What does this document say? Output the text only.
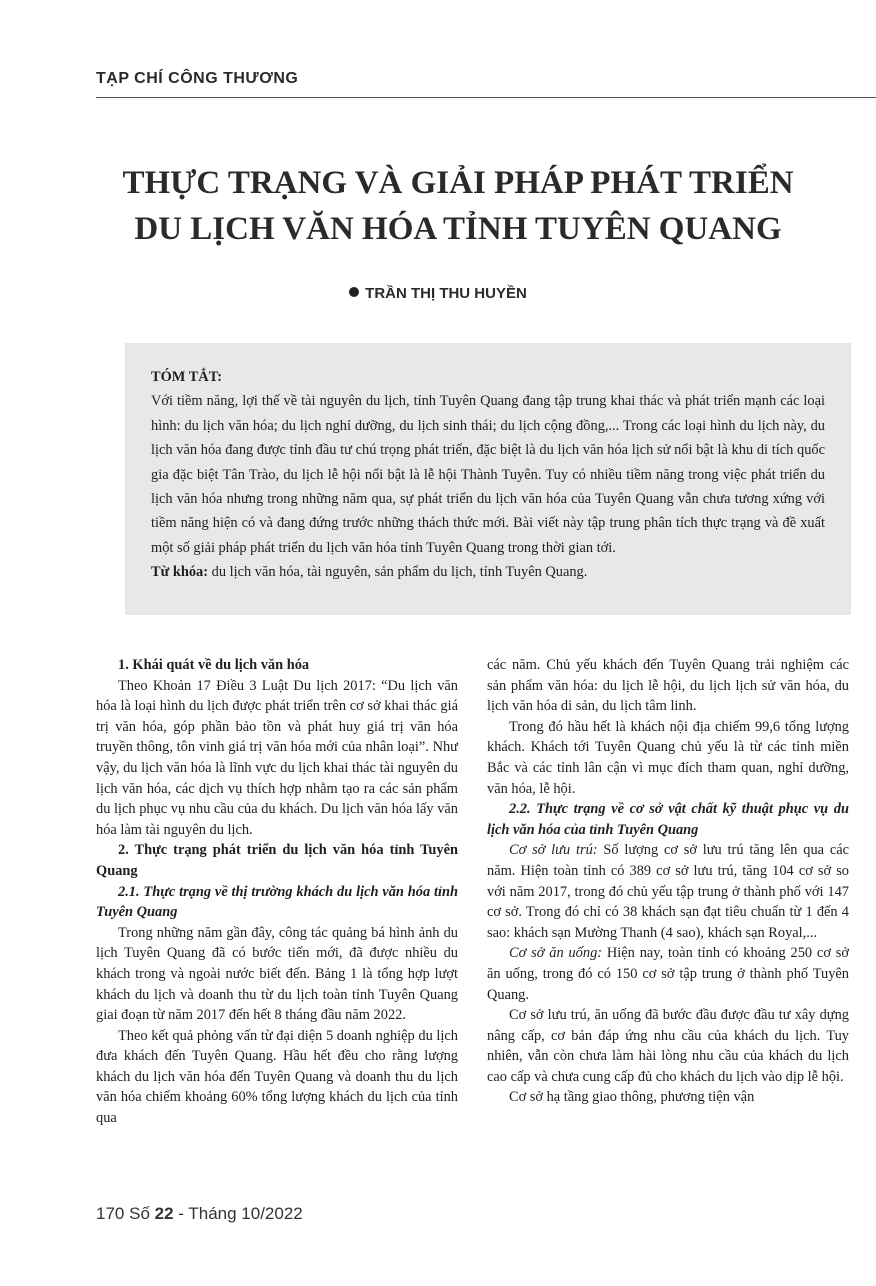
TẠP CHÍ CÔNG THƯƠNG
THỰC TRẠNG VÀ GIẢI PHÁP PHÁT TRIỂN
DU LỊCH VĂN HÓA TỈNH TUYÊN QUANG
TRẦN THỊ THU HUYỀN
TÓM TẮT:

Với tiềm năng, lợi thế về tài nguyên du lịch, tỉnh Tuyên Quang đang tập trung khai thác và phát triển mạnh các loại hình: du lịch văn hóa; du lịch nghỉ dưỡng, du lịch sinh thái; du lịch cộng đồng,... Trong các loại hình du lịch này, du lịch văn hóa đang được tỉnh đầu tư chú trọng phát triển, đặc biệt là du lịch văn hóa lịch sử nổi bật là khu di tích quốc gia đặc biệt Tân Trào, du lịch lễ hội nổi bật là lễ hội Thành Tuyên. Tuy có nhiều tiềm năng trong việc phát triển du lịch văn hóa nhưng trong những năm qua, sự phát triển du lịch văn hóa của Tuyên Quang vẫn chưa tương xứng với tiềm năng hiện có và đang đứng trước những thách thức mới. Bài viết này tập trung phân tích thực trạng và đề xuất một số giải pháp phát triển du lịch văn hóa tỉnh Tuyên Quang trong thời gian tới.

Từ khóa: du lịch văn hóa, tài nguyên, sản phẩm du lịch, tỉnh Tuyên Quang.

1. Khái quát về du lịch văn hóa

Theo Khoản 17 Điều 3 Luật Du lịch 2017: “Du lịch văn hóa là loại hình du lịch được phát triển trên cơ sở khai thác giá trị văn hóa, góp phần bảo tồn và phát huy giá trị văn hóa truyền thông, tôn vinh giá trị văn hóa mới của nhân loại”. Như vậy, du lịch văn hóa là lĩnh vực du lịch khai thác tài nguyên du lịch văn hóa, các dịch vụ thích hợp nhằm tạo ra các sản phẩm du lịch phục vụ nhu cầu của du khách. Du lịch văn hóa lấy văn hóa làm tài nguyên du lịch.

2. Thực trạng phát triển du lịch văn hóa tỉnh Tuyên Quang
2.1. Thực trạng về thị trường khách du lịch văn hóa tỉnh Tuyên Quang

Trong những năm gần đây, công tác quảng bá hình ảnh du lịch Tuyên Quang đã có bước tiến mới, đã được nhiều du khách trong và ngoài nước biết đến. Bảng 1 là tổng hợp lượt khách du lịch và doanh thu từ du lịch toàn tỉnh Tuyên Quang giai đoạn từ năm 2017 đến hết 8 tháng đầu năm 2022.

Theo kết quả phỏng vấn từ đại diện 5 doanh nghiệp du lịch đưa khách đến Tuyên Quang. Hầu hết đều cho rằng lượng khách du lịch văn hóa đến Tuyên Quang và doanh thu du lịch văn hóa chiếm khoảng 60% tổng lượng khách du lịch của tỉnh qua

các năm. Chủ yếu khách đến Tuyên Quang trải nghiệm các sản phẩm văn hóa: du lịch lễ hội, du lịch lịch sử văn hóa, du lịch văn hóa di sản, du lịch tâm linh.

Trong đó hầu hết là khách nội địa chiếm 99,6 tổng lượng khách. Khách tới Tuyên Quang chủ yếu là từ các tỉnh miền Bắc và các tỉnh lân cận vì mục đích tham quan, nghỉ dưỡng, văn hóa, lễ hội.

2.2. Thực trạng về cơ sở vật chất kỹ thuật phục vụ du lịch văn hóa của tỉnh Tuyên Quang

Cơ sở lưu trú: Số lượng cơ sở lưu trú tăng lên qua các năm. Hiện toàn tỉnh có 389 cơ sở lưu trú, tăng 104 cơ sở so với năm 2017, trong đó chủ yếu tập trung ở thành phố với 147 cơ sở. Trong đó chỉ có 38 khách sạn đạt tiêu chuẩn từ 1 đến 4 sao: khách sạn Mường Thanh (4 sao), khách sạn Royal,...

Cơ sở ăn uống: Hiện nay, toàn tỉnh có khoảng 250 cơ sở ăn uống, trong đó có 150 cơ sở tập trung ở thành phố Tuyên Quang.

Cơ sở lưu trú, ăn uống đã bước đầu được đầu tư xây dựng nâng cấp, cơ bản đáp ứng nhu cầu của khách du lịch. Tuy nhiên, vẫn còn chưa làm hài lòng nhu cầu của khách du lịch cao cấp và chưa cung cấp đủ cho khách du lịch vào dịp lễ hội.

Cơ sở hạ tầng giao thông, phương tiện vận

170 Số 22 - Tháng 10/2022
